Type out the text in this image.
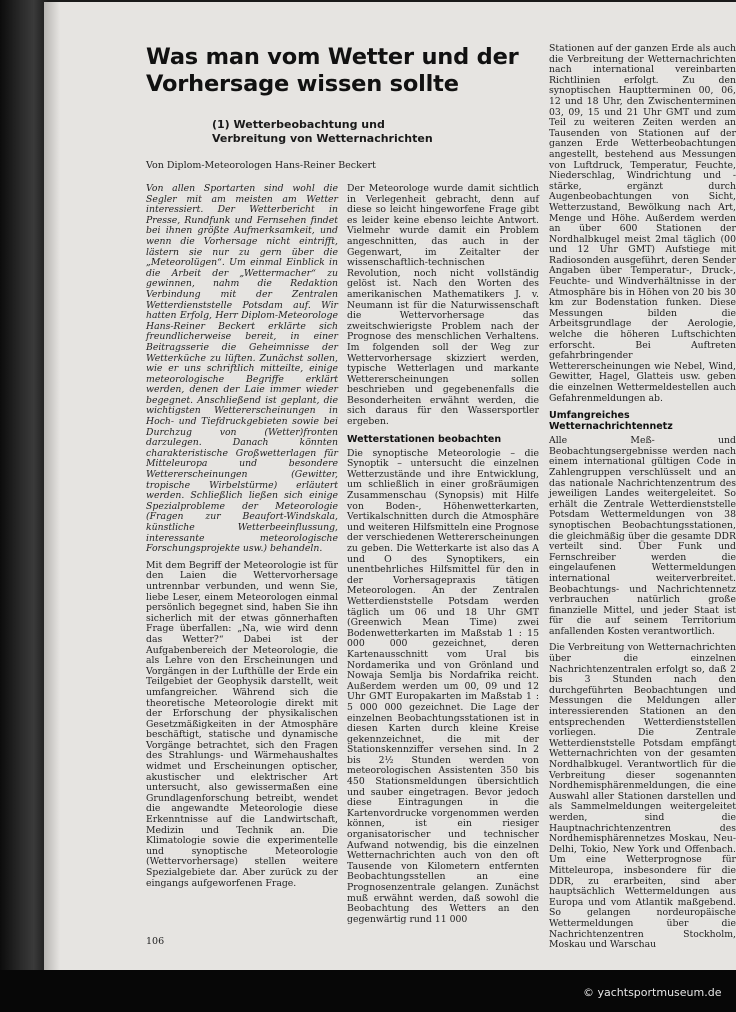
Was man vom Wetter und der Vorhersage wissen sollte
(1) Wetterbeobachtung und Verbreitung von Wetternachrichten
Von Diplom-Meteorologen Hans-Reiner Beckert

Von allen Sportarten sind wohl die Segler mit am meisten am Wetter interessiert. Der Wetterbericht in Presse, Rundfunk und Fernsehen findet bei ihnen größte Aufmerksamkeit, und wenn die Vorhersage nicht eintrifft, lästern sie nur zu gern über die „Meteorolügen“. Um einmal Einblick in die Arbeit der „Wettermacher“ zu gewinnen, nahm die Redaktion Verbindung mit der Zentralen Wetterdienststelle Potsdam auf. Wir hatten Erfolg, Herr Diplom-Meteorologe Hans-Reiner Beckert erklärte sich freundlicherweise bereit, in einer Beitragsserie die Geheimnisse der Wetterküche zu lüften. Zunächst sollen, wie er uns schriftlich mitteilte, einige meteorologische Begriffe erklärt werden, denen der Laie immer wieder begegnet. Anschließend ist geplant, die wichtigsten Wettererscheinungen in Hoch- und Tiefdruckgebieten sowie bei Durchzug von (Wetter)fronten darzulegen. Danach könnten charakteristische Großwetterlagen für Mitteleuropa und besondere Wettererscheinungen (Gewitter, tropische Wirbelstürme) erläutert werden. Schließlich ließen sich einige Spezialprobleme der Meteorologie (Fragen zur Beaufort-Windskala, künstliche Wetterbeeinflussung, interessante meteorologische Forschungsprojekte usw.) behandeln.

Mit dem Begriff der Meteorologie ist für den Laien die Wettervorhersage untrennbar verbunden, und wenn Sie, liebe Leser, einem Meteorologen einmal persönlich begegnet sind, haben Sie ihn sicherlich mit der etwas gönnerhaften Frage überfallen: „Na, wie wird denn das Wetter?“ Dabei ist der Aufgabenbereich der Meteorologie, die als Lehre von den Erscheinungen und Vorgängen in der Lufthülle der Erde ein Teilgebiet der Geophysik darstellt, weit umfangreicher. Während sich die theoretische Meteorologie direkt mit der Erforschung der physikalischen Gesetzmäßigkeiten in der Atmosphäre beschäftigt, statische und dynamische Vorgänge betrachtet, sich den Fragen des Strahlungs- und Wärmehaushaltes widmet und Erscheinungen optischer, akustischer und elektrischer Art untersucht, also gewissermaßen eine Grundlagenforschung betreibt, wendet die angewandte Meteorologie diese Erkenntnisse auf die Landwirtschaft, Medizin und Technik an. Die Klimatologie sowie die experimentelle und synoptische Meteorologie (Wettervorhersage) stellen weitere Spezialgebiete dar. Aber zurück zu der eingangs aufgeworfenen Frage.

Der Meteorologe wurde damit sichtlich in Verlegenheit gebracht, denn auf diese so leicht hingeworfene Frage gibt es leider keine ebenso leichte Antwort. Vielmehr wurde damit ein Problem angeschnitten, das auch in der Gegenwart, im Zeitalter der wissenschaftlich-technischen Revolution, noch nicht vollständig gelöst ist. Nach den Worten des amerikanischen Mathematikers J. v. Neumann ist für die Naturwissenschaft die Wettervorhersage das zweitschwierigste Problem nach der Prognose des menschlichen Verhaltens. Im folgenden soll der Weg zur Wettervorhersage skizziert werden, typische Wetterlagen und markante Wettererscheinungen sollen beschrieben und gegebenenfalls die Besonderheiten erwähnt werden, die sich daraus für den Wassersportler ergeben.

Wetterstationen beobachten

Die synoptische Meteorologie – die Synoptik – untersucht die einzelnen Wetterzustände und ihre Entwicklung, um schließlich in einer großräumigen Zusammenschau (Synopsis) mit Hilfe von Boden-, Höhenwetterkarten, Vertikalschnitten durch die Atmosphäre und weiteren Hilfsmitteln eine Prognose der verschiedenen Wettererscheinungen zu geben. Die Wetterkarte ist also das A und O des Synoptikers, ein unentbehrliches Hilfsmittel für den in der Vorhersagepraxis tätigen Meteorologen. An der Zentralen Wetterdienststelle Potsdam werden täglich um 06 und 18 Uhr GMT (Greenwich Mean Time) zwei Bodenwetterkarten im Maßstab 1 : 15 000 000 gezeichnet, deren Kartenausschnitt vom Ural bis Nordamerika und von Grönland und Nowaja Semlja bis Nordafrika reicht. Außerdem werden um 00, 09 und 12 Uhr GMT Europakarten im Maßstab 1 : 5 000 000 gezeichnet. Die Lage der einzelnen Beobachtungsstationen ist in diesen Karten durch kleine Kreise gekennzeichnet, die mit der Stationskennziffer versehen sind. In 2 bis 2½ Stunden werden von meteorologischen Assistenten 350 bis 450 Stationsmeldungen übersichtlich und sauber eingetragen. Bevor jedoch diese Eintragungen in die Kartenvordrucke vorgenommen werden können, ist ein riesiger organisatorischer und technischer Aufwand notwendig, bis die einzelnen Wetternachrichten auch von den oft Tausende von Kilometern entfernten Beobachtungsstellen an eine Prognosenzentrale gelangen. Zunächst muß erwähnt werden, daß sowohl die Beobachtung des Wetters an den gegenwärtig rund 11 000

Stationen auf der ganzen Erde als auch die Verbreitung der Wetternachrichten nach international vereinbarten Richtlinien erfolgt. Zu den synoptischen Hauptterminen 00, 06, 12 und 18 Uhr, den Zwischenterminen 03, 09, 15 und 21 Uhr GMT und zum Teil zu weiteren Zeiten werden an Tausenden von Stationen auf der ganzen Erde Wetterbeobachtungen angestellt, bestehend aus Messungen von Luftdruck, Temperatur, Feuchte, Niederschlag, Windrichtung und -stärke, ergänzt durch Augenbeobachtungen von Sicht, Wetterzustand, Bewölkung nach Art, Menge und Höhe. Außerdem werden an über 600 Stationen der Nordhalbkugel meist 2mal täglich (00 und 12 Uhr GMT) Aufstiege mit Radiosonden ausgeführt, deren Sender Angaben über Temperatur-, Druck-, Feuchte- und Windverhältnisse in der Atmosphäre bis in Höhen von 20 bis 30 km zur Bodenstation funken. Diese Messungen bilden die Arbeitsgrundlage der Aerologie, welche die höheren Luftschichten erforscht. Bei Auftreten gefahrbringender Wettererscheinungen wie Nebel, Wind, Gewitter, Hagel, Glatteis usw. geben die einzelnen Wettermeldestellen auch Gefahrenmeldungen ab.

Umfangreiches Wetternachrichtennetz

Alle Meß- und Beobachtungsergebnisse werden nach einem international gültigen Code in Zahlengruppen verschlüsselt und an das nationale Nachrichtenzentrum des jeweiligen Landes weitergeleitet. So erhält die Zentrale Wetterdienststelle Potsdam Wettermeldungen von 38 synoptischen Beobachtungsstationen, die gleichmäßig über die gesamte DDR verteilt sind. Über Funk und Fernschreiber werden die eingelaufenen Wettermeldungen international weiterverbreitet. Beobachtungs- und Nachrichtennetz verbrauchen natürlich große finanzielle Mittel, und jeder Staat ist für die auf seinem Territorium anfallenden Kosten verantwortlich.

Die Verbreitung von Wetternachrichten über die einzelnen Nachrichtenzentralen erfolgt so, daß 2 bis 3 Stunden nach den durchgeführten Beobachtungen und Messungen die Meldungen aller interessierenden Stationen an den entsprechenden Wetterdienststellen vorliegen. Die Zentrale Wetterdienststelle Potsdam empfängt Wetternachrichten von der gesamten Nordhalbkugel. Verantwortlich für die Verbreitung dieser sogenannten Nordhemisphärenmeldungen, die eine Auswahl aller Stationen darstellen und als Sammelmeldungen weitergeleitet werden, sind die Hauptnachrichtenzentren des Nordhemisphärennetzes Moskau, Neu-Delhi, Tokio, New York und Offenbach. Um eine Wetterprognose für Mitteleuropa, insbesondere für die DDR, zu erarbeiten, sind aber hauptsächlich Wettermeldungen aus Europa und vom Atlantik maßgebend. So gelangen nordeuropäische Wettermeldungen über die Nachrichtenzentren Stockholm, Moskau und Warschau

106
© yachtsportmuseum.de
